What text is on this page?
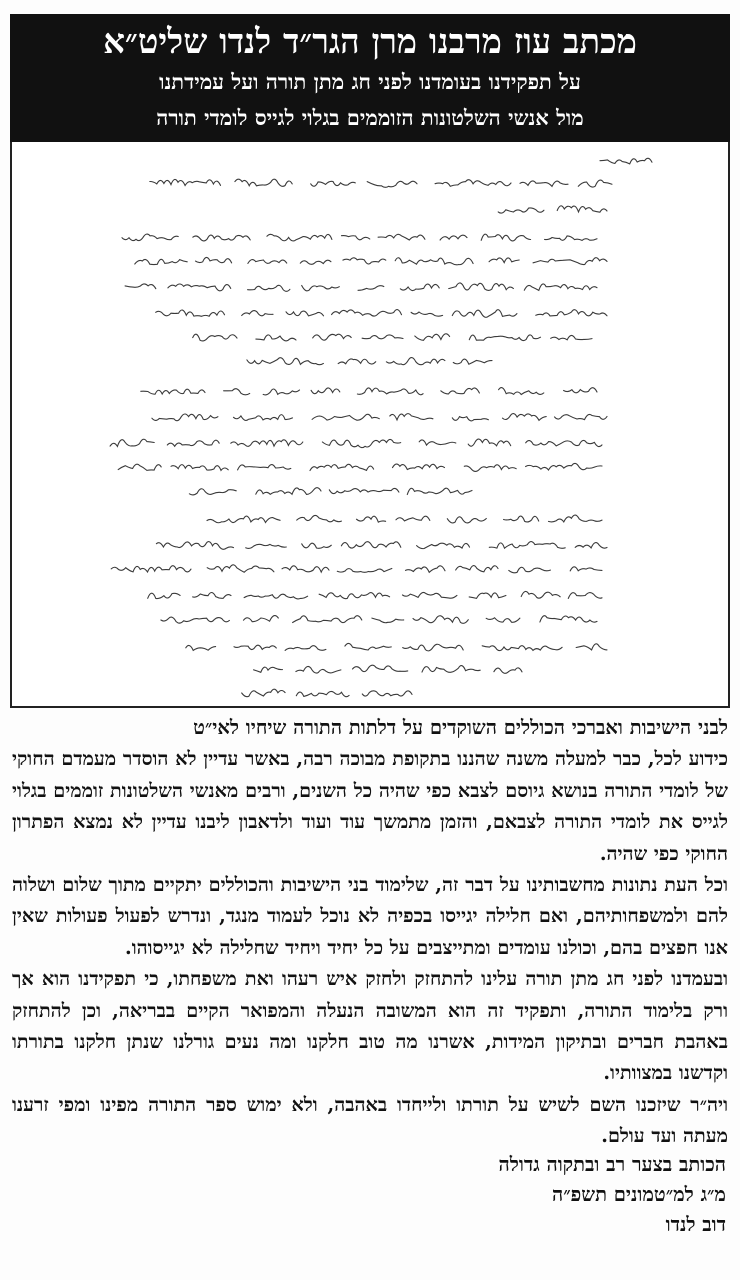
מכתב עוז מרבנו מרן הגר״ד לנדו שליט״א
על תפקידנו בעומדנו לפני חג מתן תורה ועל עמידתנו
מול אנשי השלטונות הזוממים בגלוי לגייס לומדי תורה

לבני הישיבות ואברכי הכוללים השוקדים על דלתות התורה שיחיו לאי״ט

כידוע לכל, כבר למעלה משנה שהננו בתקופת מבוכה רבה, באשר עדיין לא הוסדר מעמדם החוקי של לומדי התורה בנושא גיוסם לצבא כפי שהיה כל השנים, ורבים מאנשי השלטונות זוממים בגלוי לגייס את לומדי התורה לצבאם, והזמן מתמשך עוד ועוד ולדאבון ליבנו עדיין לא נמצא הפתרון החוקי כפי שהיה.

וכל העת נתונות מחשבותינו על דבר זה, שלימוד בני הישיבות והכוללים יתקיים מתוך שלום ושלוה להם ולמשפחותיהם, ואם חלילה יגייסו בכפיה לא נוכל לעמוד מנגד, ונדרש לפעול פעולות שאין אנו חפצים בהם, וכולנו עומדים ומתייצבים על כל יחיד ויחיד שחלילה לא יגייסוהו.

ובעמדנו לפני חג מתן תורה עלינו להתחזק ולחזק איש רעהו ואת משפחתו, כי תפקידנו הוא אך ורק בלימוד התורה, ותפקיד זה הוא המשובה הנעלה והמפואר הקיים בבריאה, וכן להתחזק באהבת חברים ובתיקון המידות, אשרנו מה טוב חלקנו ומה נעים גורלנו שנתן חלקנו בתורתו וקדשנו במצוותיו.

ויה״ר שיזכנו השם לשיש על תורתו ולייחדו באהבה, ולא ימוש ספר התורה מפינו ומפי זרענו מעתה ועד עולם.

הכותב בצער רב ובתקוה גדולה
מ״ג למ״טמונים תשפ״ה
דוב לנדו
